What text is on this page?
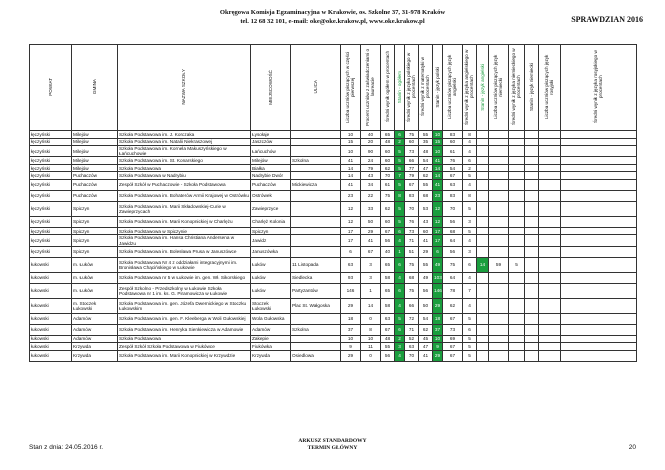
Okręgowa Komisja Egzaminacyjna w Krakowie, os. Szkolne 37, 31-978 Kraków
tel. 12 68 32 101, e-mail: oke@oke.krakow.pl, www.oke.krakow.pl	SPRAWDZIAN 2016
POWIAT	GMINA	NAZWA SZKOŁY	MIEJSCOWOŚĆ	ULICA	Liczba uczniów piszących w części pierwszej	Procent uczniów z zaświadczeniami o laureacie	Średni wynik ogółem w procentach	Stanin - ogółem	Średni wynik z języka polskiego w procentach	Średni wynik z matematyki w procentach	Stanin - język polski	Liczba uczniów piszących język angielski	Średni wynik z języka angielskiego w procentach	Stanin - język angielski	Liczba uczniów piszących język niemiecki	Średni wynik z języka niemieckiego w procentach	Stanin - język niemiecki	Liczba uczniów piszących język rosyjski	Średni wynik z języka rosyjskiego w procentach
łęczyński	Milejów	Szkoła Podstawowa im. J. Korczaka	Łysołaje		10	40	65	6	75	55	10	83	8						
łęczyński	Milejów	Szkoła Podstawowa im. Natalii Niekraszowej	Jaszczów		15	20	48	2	60	35	15	60	4						
łęczyński	Milejów	Szkoła Podstawowa im. Kornela Makuszyńskiego w Łańcuchowie	Łańcuchów		10	90	60	5	73	48	10	61	4						
łęczyński	Milejów	Szkoła Podstawowa im. St. Konarskiego	Milejów	Szkolna	41	24	60	5	66	54	41	76	6						
łęczyński	Milejów	Szkoła Podstawowa	Białka		14	79	62	5	77	47	14	54	2						
łęczyński	Puchaczów	Szkoła Podstawowa w Nadrybiu	Nadrybie Dwór		14	43	70	7	79	62	14	67	5						
łęczyński	Puchaczów	Zespół Szkół w Puchaczowie - Szkoła Podstawowa	Puchaczów	Mickiewicza	41	34	61	5	67	55	41	63	4						
łęczyński	Puchaczów	Szkoła Podstawowa im. Bohaterów Armii Krajowej w Ostrówku	Ostrówek		23	22	75	8	83	68	23	83	8						
łęczyński	Spiczyn	Szkoła Podstawowa im. Marii Składowskiej-Curie w Zawieprzycach	Zawieprzyce		12	33	62	5	70	53	12	70	5						
łęczyński	Spiczyn	Szkoła Podstawowa im. Marii Konopnickiej w Charlężu	Charlęż Kolonia		12	50	60	5	76	43	12	56	3						
łęczyński	Spiczyn	Szkoła Podstawowa w Spiczynie	Spiczyn		17	29	67	6	73	60	17	68	5						
łęczyński	Spiczyn	Szkoła Podstawowa im. Hansa Christiana Andersena w Jawidzu	Jawidz		17	41	56	4	71	41	17	64	4						
łęczyński	Spiczyn	Szkoła Podstawowa im. Bolesława Prusa w Januszówce	Januszówka		6	67	40	1	51	29	6	56	3						
łukowski	m. Łuków	Szkoła Podstawowa Nr 4 z oddziałami integracyjnymi im. Bronisława Chącińskiego w Łukowie	Łuków	11 Listopada	63	3	65	6	75	55	49	75	6	14	59	5			
łukowski	m. Łuków	Szkoła Podstawowa nr 5 w Łukowie im. gen. Wł. Sikorskiego	Łuków	Siedlecka	93	3	58	4	68	49	103	64	4						
łukowski	m. Łuków	Zespół Szkolno - Przedszkolny w Łukowie Szkoła Podstawowa nr 1 im. ks. G. Piramowicza w Łukowie	Łuków	Partyzantów	146	1	65	6	75	56	146	78	7						
łukowski	m. Stoczek Łukowski	Szkoła Podstawowa im. gen. Józefa Dwernickiego w Stoczku Łukowskim	Stoczek Łukowski	Plac St. Wałgoska	29	14	58	4	66	50	29	62	4						
łukowski	Adamów	Szkoła Podstawowa im. gen. F. Kleeberga w Woli Gułowskiej	Wola Gułowska		18	0	63	5	72	54	18	67	5						
łukowski	Adamów	Szkoła Podstawowa im. Henryka Sienkiewicza w Adamowie	Adamów	Szkolna	37	8	67	6	71	62	37	73	6						
łukowski	Adamów	Szkoła Podstawowa	Zakepie		10	10	48	2	52	45	10	69	5						
łukowski	Krzywda	Zespół Szkół Szkoła Podstawowa w Fiukówce	Fiukówka		9	11	55	3	63	47	9	67	5						
łukowski	Krzywda	Szkoła Podstawowa im. Marii Konopnickiej w Krzywdzie	Krzywda	Osiedlowa	29	0	56	4	70	41	29	67	5						
Stan z dnia: 24.05.2016 r.
ARKUSZ STANDARDOWY
TERMIN GŁÓWNY	20
